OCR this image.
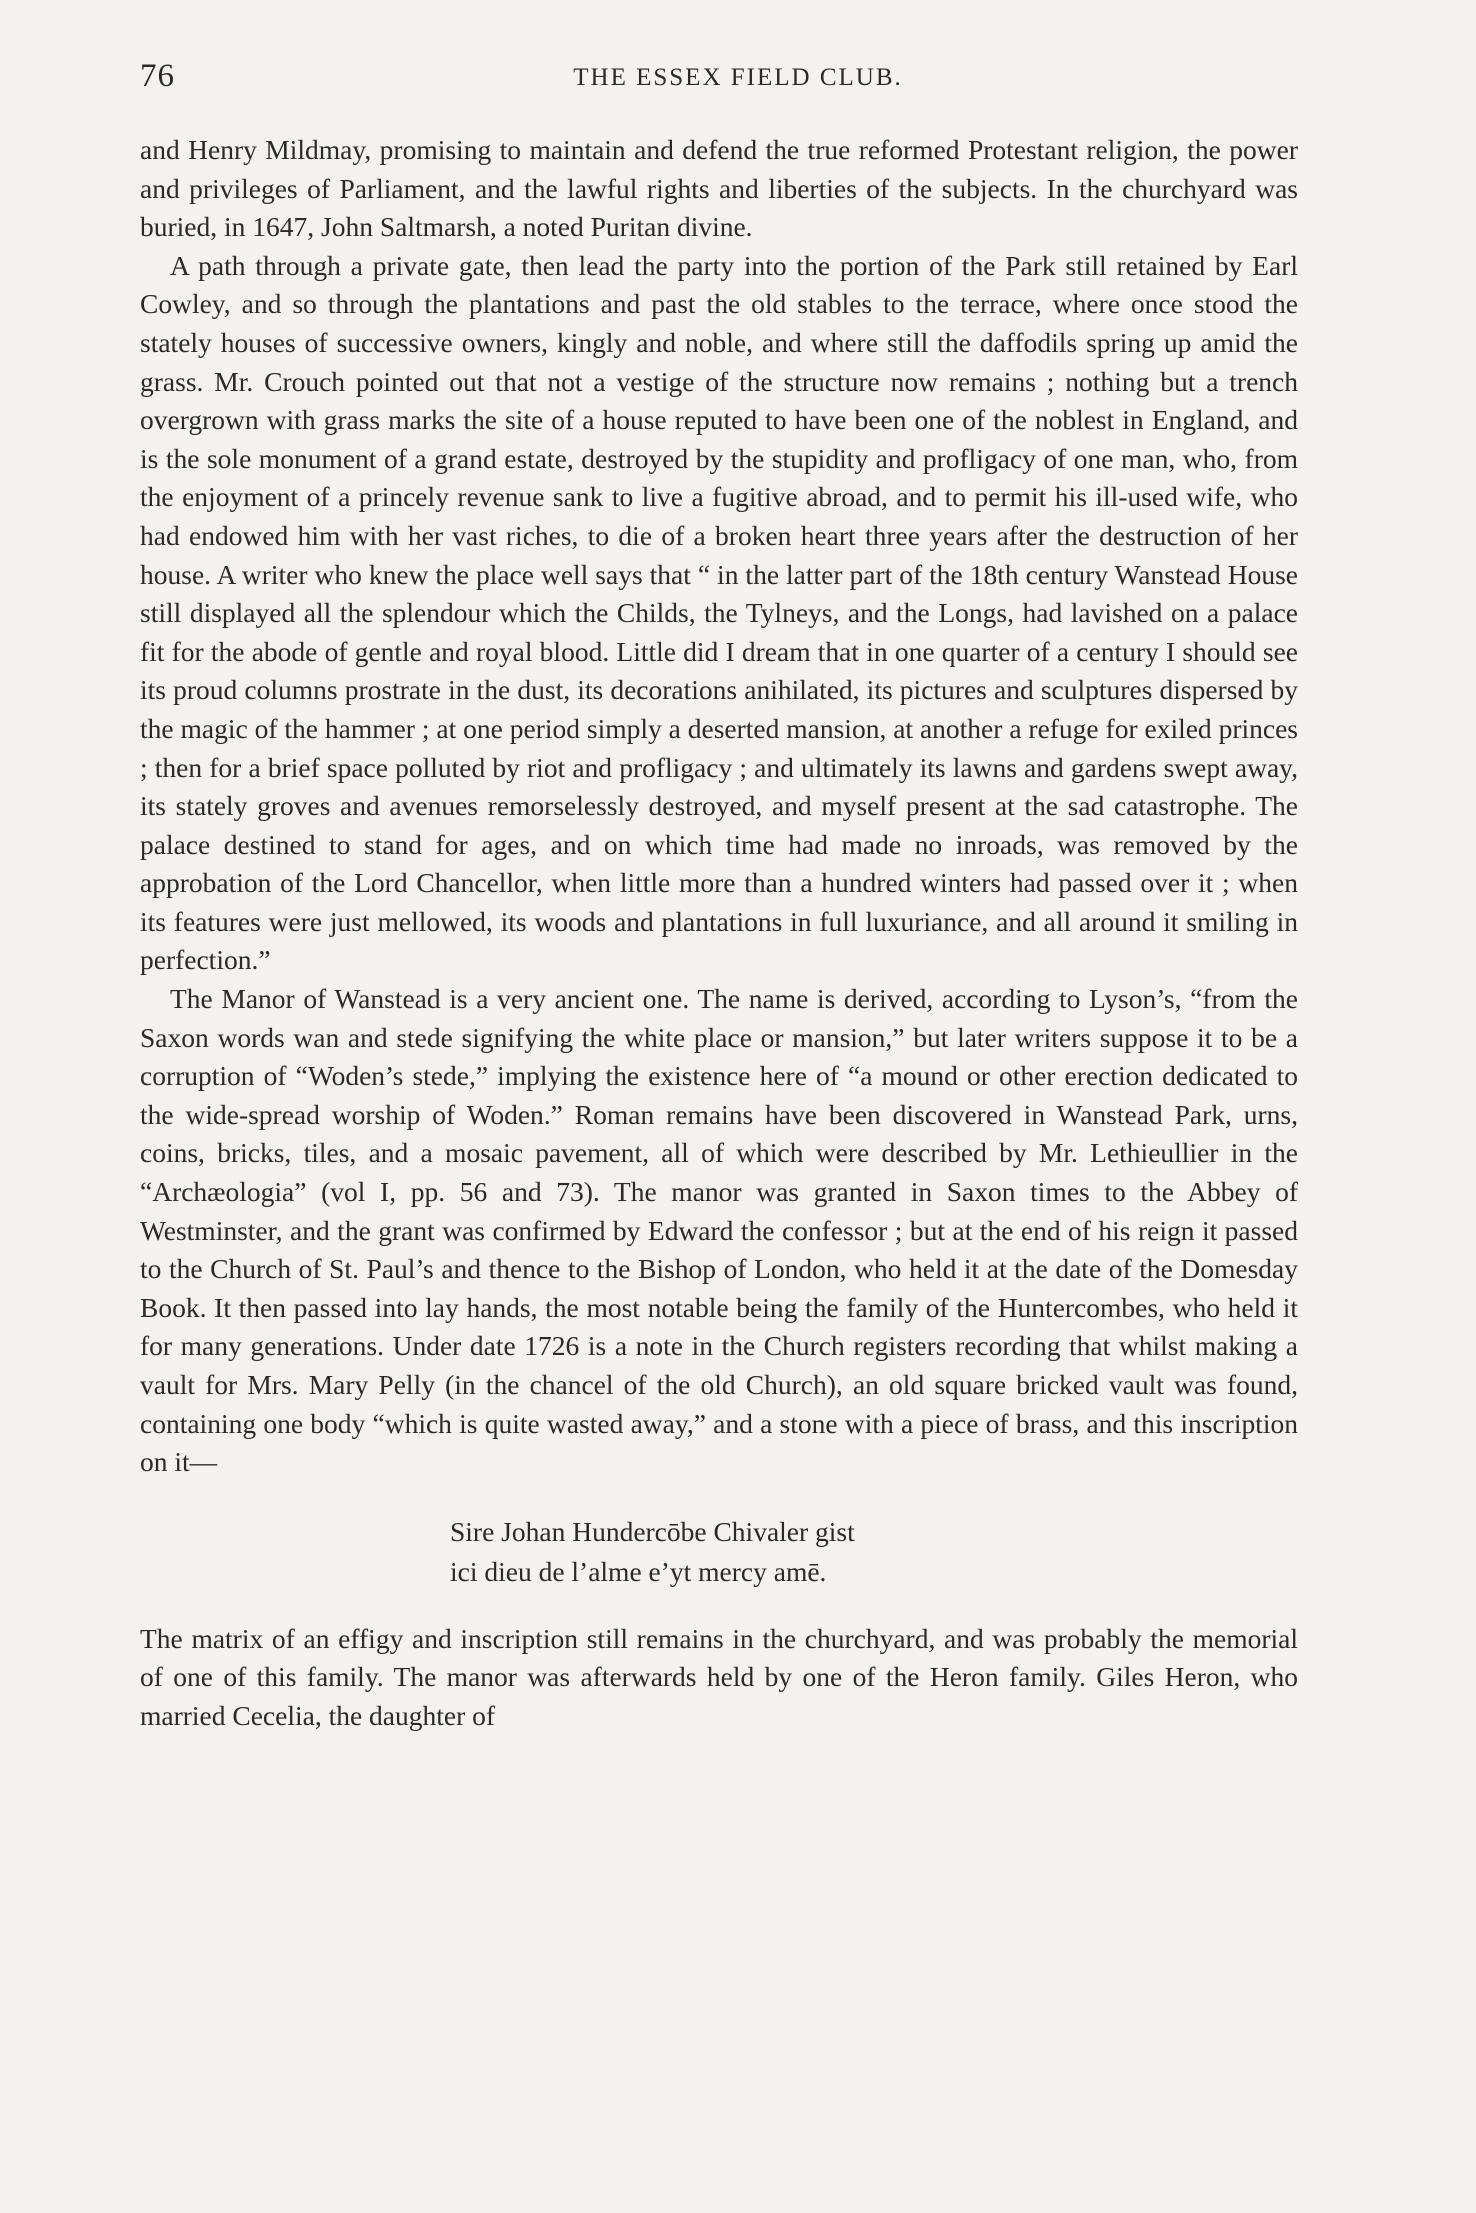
76	THE ESSEX FIELD CLUB.

and Henry Mildmay, promising to maintain and defend the true reformed Protestant religion, the power and privileges of Parliament, and the lawful rights and liberties of the subjects. In the churchyard was buried, in 1647, John Saltmarsh, a noted Puritan divine.

A path through a private gate, then lead the party into the portion of the Park still retained by Earl Cowley, and so through the plantations and past the old stables to the terrace, where once stood the stately houses of successive owners, kingly and noble, and where still the daffodils spring up amid the grass. Mr. Crouch pointed out that not a vestige of the structure now remains ; nothing but a trench overgrown with grass marks the site of a house reputed to have been one of the noblest in England, and is the sole monument of a grand estate, destroyed by the stupidity and profligacy of one man, who, from the enjoyment of a princely revenue sank to live a fugitive abroad, and to permit his ill-used wife, who had endowed him with her vast riches, to die of a broken heart three years after the destruction of her house. A writer who knew the place well says that “ in the latter part of the 18th century Wanstead House still displayed all the splendour which the Childs, the Tylneys, and the Longs, had lavished on a palace fit for the abode of gentle and royal blood. Little did I dream that in one quarter of a century I should see its proud columns prostrate in the dust, its decorations anihilated, its pictures and sculptures dispersed by the magic of the hammer ; at one period simply a deserted mansion, at another a refuge for exiled princes ; then for a brief space polluted by riot and profligacy ; and ultimately its lawns and gardens swept away, its stately groves and avenues remorselessly destroyed, and myself present at the sad catastrophe. The palace destined to stand for ages, and on which time had made no inroads, was removed by the approbation of the Lord Chancellor, when little more than a hundred winters had passed over it ; when its features were just mellowed, its woods and plantations in full luxuriance, and all around it smiling in perfection.”

The Manor of Wanstead is a very ancient one. The name is derived, according to Lyson’s, “from the Saxon words wan and stede signifying the white place or mansion,” but later writers suppose it to be a corruption of “Woden’s stede,” implying the existence here of “a mound or other erection dedicated to the wide-spread worship of Woden.” Roman remains have been discovered in Wanstead Park, urns, coins, bricks, tiles, and a mosaic pavement, all of which were described by Mr. Lethieullier in the “Archæologia” (vol I, pp. 56 and 73). The manor was granted in Saxon times to the Abbey of Westminster, and the grant was confirmed by Edward the confessor ; but at the end of his reign it passed to the Church of St. Paul’s and thence to the Bishop of London, who held it at the date of the Domesday Book. It then passed into lay hands, the most notable being the family of the Huntercombes, who held it for many generations. Under date 1726 is a note in the Church registers recording that whilst making a vault for Mrs. Mary Pelly (in the chancel of the old Church), an old square bricked vault was found, containing one body “which is quite wasted away,” and a stone with a piece of brass, and this inscription on it—

Sire Johan Hundercōbe Chivaler gist
ici dieu de l’alme e’yt mercy amē.

The matrix of an effigy and inscription still remains in the churchyard, and was probably the memorial of one of this family. The manor was afterwards held by one of the Heron family. Giles Heron, who married Cecelia, the daughter of
